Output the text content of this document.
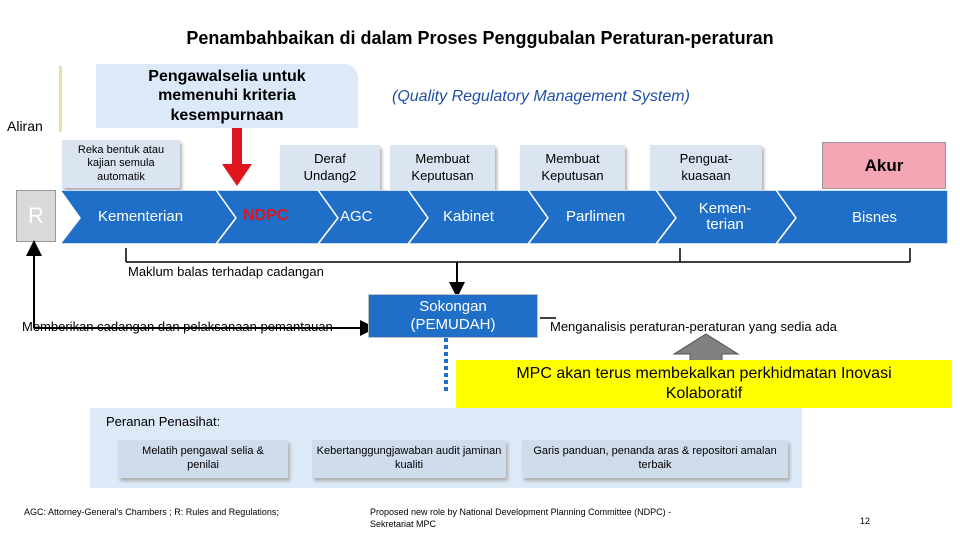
Penambahbaikan di dalam Proses Penggubalan Peraturan-peraturan
Pengawalselia untuk memenuhi kriteria kesempurnaan
Aliran
(Quality Regulatory Management System)
Reka bentuk atau kajian semula automatik
Deraf Undang2
Membuat Keputusan
Membuat Keputusan
Penguat-kuasaan
Akur
R	Kementerian	NDPC	AGC	Kabinet	Parlimen	Kemen-terian	Bisnes
Maklum balas terhadap cadangan
Sokongan (PEMUDAH)
Memberikan cadangan dan pelaksanaan pemantauan	Menganalisis peraturan-peraturan yang sedia ada
MPC akan terus membekalkan perkhidmatan Inovasi Kolaboratif
Peranan Penasihat:
Melatih pengawal selia & penilai
Kebertanggungjawaban audit jaminan kualiti
Garis panduan, penanda aras & repositori amalan terbaik
AGC: Attorney-General's Chambers ; R: Rules and Regulations;	Proposed new role by National Development Planning Committee (NDPC) - Sekretariat MPC	12
